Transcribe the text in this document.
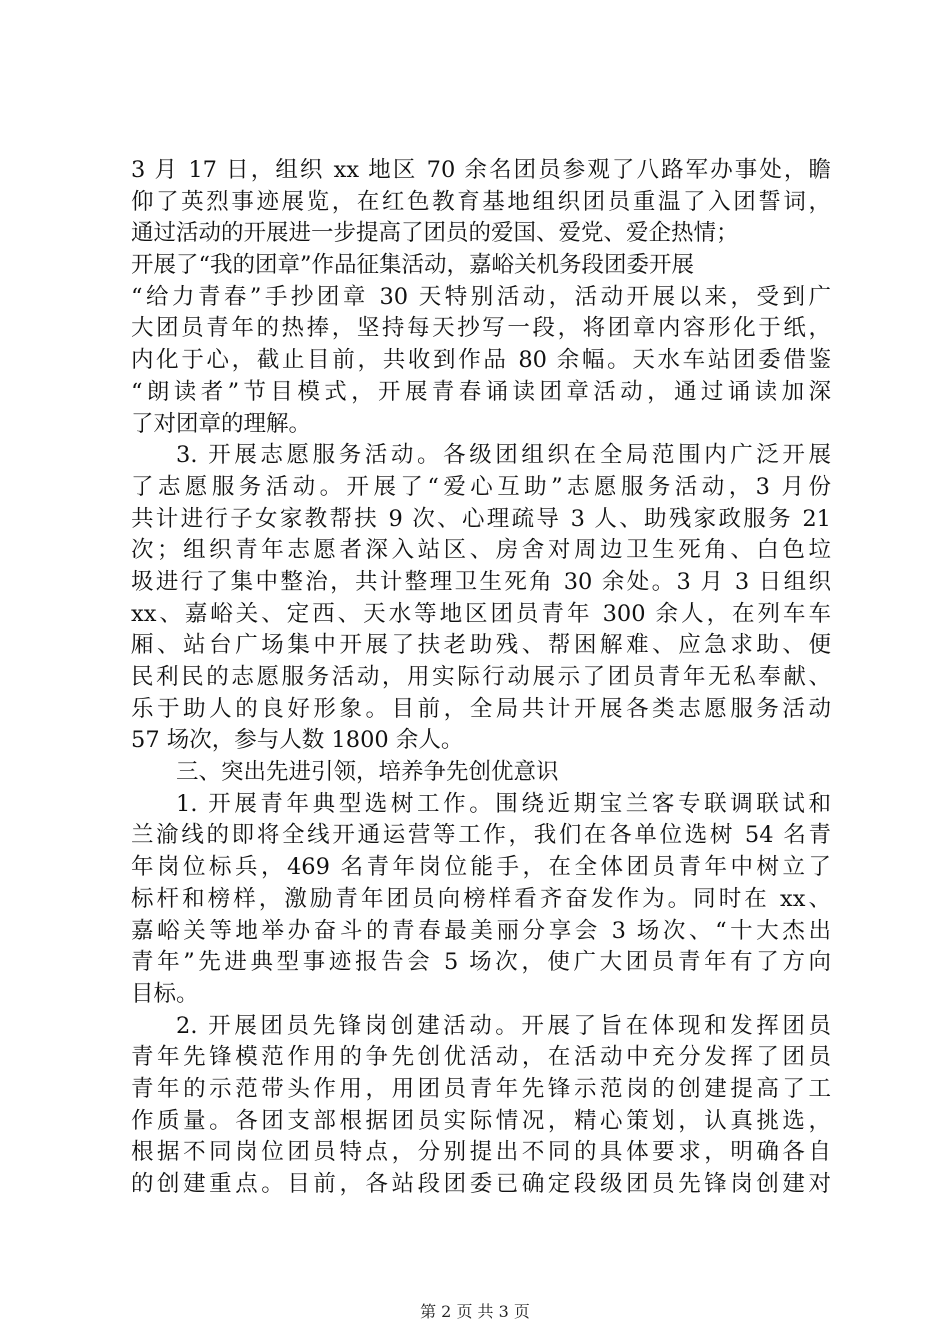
3 月 17 日，组织 xx 地区 70 余名团员参观了八路军办事处，瞻
仰了英烈事迹展览，在红色教育基地组织团员重温了入团誓词，
通过活动的开展进一步提高了团员的爱国、爱党、爱企热情；
开展了“我的团章”作品征集活动，嘉峪关机务段团委开展
“给力青春”手抄团章 30 天特别活动，活动开展以来，受到广
大团员青年的热捧，坚持每天抄写一段，将团章内容形化于纸，
内化于心，截止目前，共收到作品 80 余幅。天水车站团委借鉴
“朗读者”节目模式，开展青春诵读团章活动，通过诵读加深
了对团章的理解。
3. 开展志愿服务活动。各级团组织在全局范围内广泛开展
了志愿服务活动。开展了“爱心互助”志愿服务活动，3 月份
共计进行子女家教帮扶 9 次、心理疏导 3 人、助残家政服务 21
次；组织青年志愿者深入站区、房舍对周边卫生死角、白色垃
圾进行了集中整治，共计整理卫生死角 30 余处。3 月 3 日组织
xx、嘉峪关、定西、天水等地区团员青年 300 余人，在列车车
厢、站台广场集中开展了扶老助残、帮困解难、应急求助、便
民利民的志愿服务活动，用实际行动展示了团员青年无私奉献、
乐于助人的良好形象。目前，全局共计开展各类志愿服务活动
57 场次，参与人数 1800 余人。
三、突出先进引领，培养争先创优意识
1. 开展青年典型选树工作。围绕近期宝兰客专联调联试和
兰渝线的即将全线开通运营等工作，我们在各单位选树 54 名青
年岗位标兵，469 名青年岗位能手，在全体团员青年中树立了
标杆和榜样，激励青年团员向榜样看齐奋发作为。同时在 xx、
嘉峪关等地举办奋斗的青春最美丽分享会 3 场次、“十大杰出
青年”先进典型事迹报告会 5 场次，使广大团员青年有了方向
目标。
2. 开展团员先锋岗创建活动。开展了旨在体现和发挥团员
青年先锋模范作用的争先创优活动，在活动中充分发挥了团员
青年的示范带头作用，用团员青年先锋示范岗的创建提高了工
作质量。各团支部根据团员实际情况，精心策划，认真挑选，
根据不同岗位团员特点，分别提出不同的具体要求，明确各自
的创建重点。目前，各站段团委已确定段级团员先锋岗创建对
第 2 页 共 3 页
